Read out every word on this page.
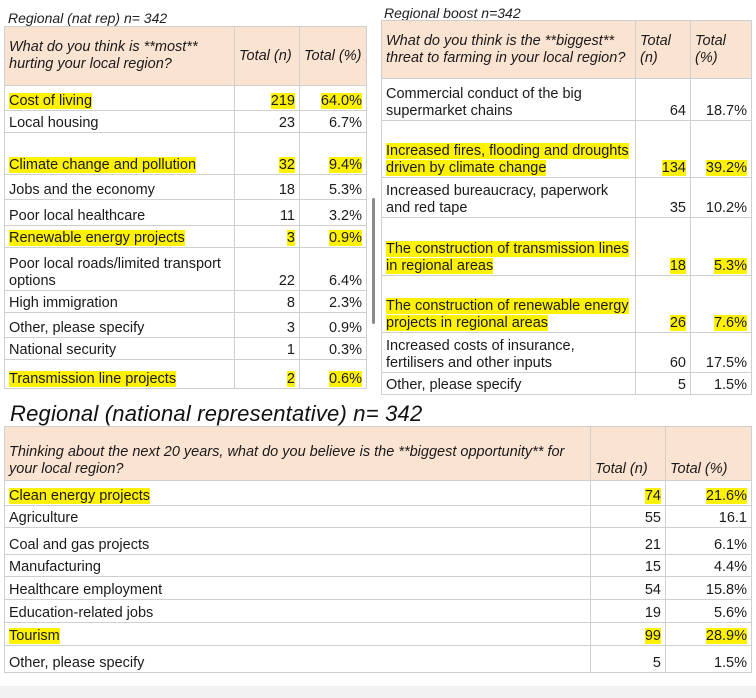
Regional (nat rep) n= 342
What do you think is **most** hurting your local region?	Total (n)	Total (%)
Cost of living	219	64.0%
Local housing	23	6.7%
Climate change and pollution	32	9.4%
Jobs and the economy	18	5.3%
Poor local healthcare	11	3.2%
Renewable energy projects	3	0.9%
Poor local roads/limited transport options	22	6.4%
High immigration	8	2.3%
Other, please specify	3	0.9%
National security	1	0.3%
Transmission line projects	2	0.6%
Regional boost n=342
What do you think is the **biggest** threat to farming in your local region?	Total (n)	Total (%)
Commercial conduct of the big supermarket chains	64	18.7%
Increased fires, flooding and droughts driven by climate change	134	39.2%
Increased bureaucracy, paperwork and red tape	35	10.2%
The construction of transmission lines in regional areas	18	5.3%
The construction of renewable energy projects in regional areas	26	7.6%
Increased costs of insurance, fertilisers and other inputs	60	17.5%
Other, please specify	5	1.5%
Regional (national representative) n= 342
Thinking about the next 20 years, what do you believe is the **biggest opportunity** for your local region?	Total (n)	Total (%)
Clean energy projects	74	21.6%
Agriculture	55	16.1
Coal and gas projects	21	6.1%
Manufacturing	15	4.4%
Healthcare employment	54	15.8%
Education-related jobs	19	5.6%
Tourism	99	28.9%
Other, please specify	5	1.5%
